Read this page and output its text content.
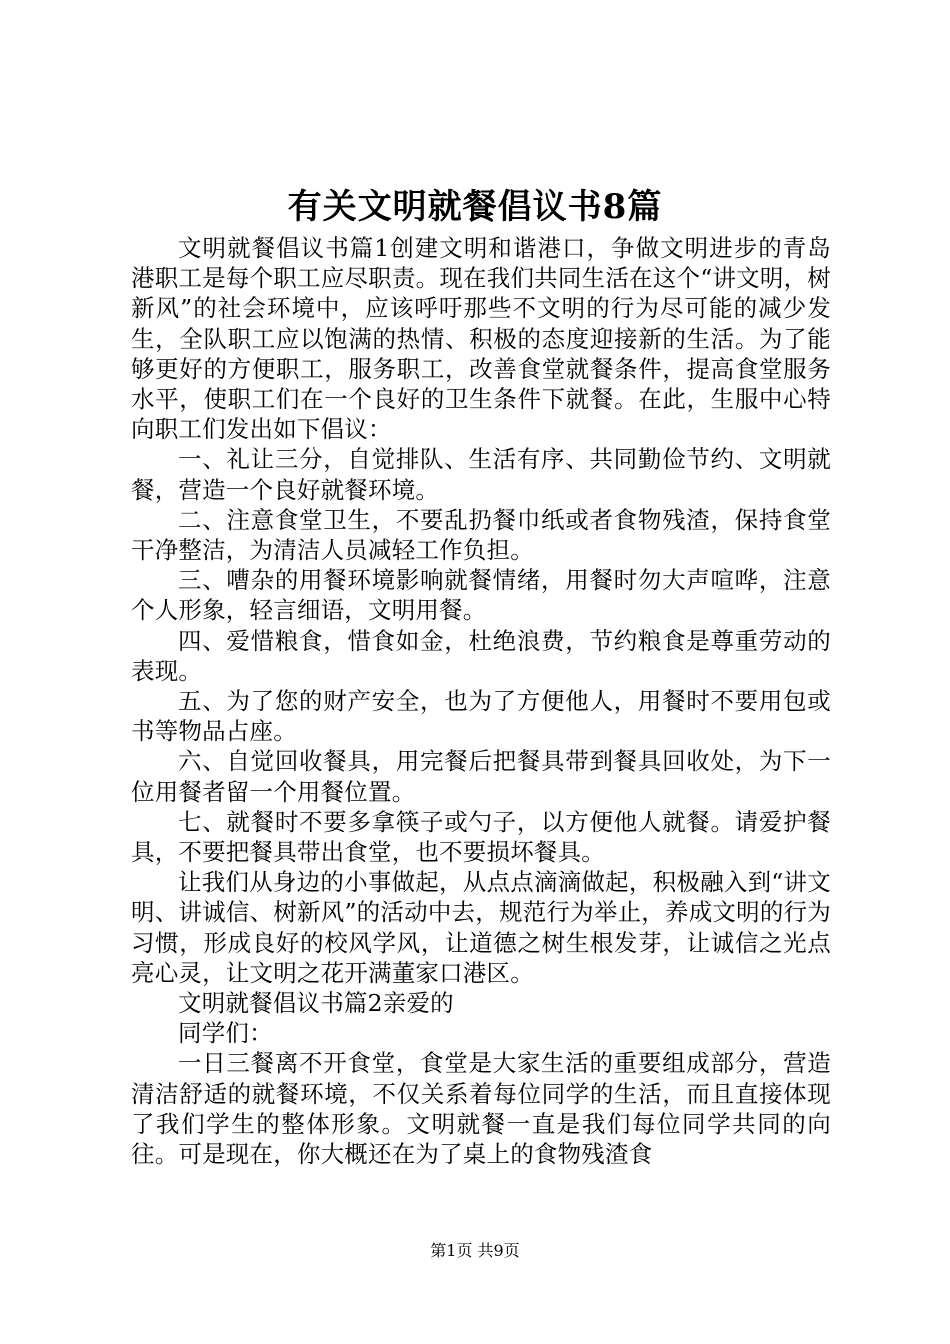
有关文明就餐倡议书8篇

文明就餐倡议书篇1创建文明和谐港口，争做文明进步的青岛港职工是每个职工应尽职责。现在我们共同生活在这个“讲文明，树新风”的社会环境中，应该呼吁那些不文明的行为尽可能的减少发生，全队职工应以饱满的热情、积极的态度迎接新的生活。为了能够更好的方便职工，服务职工，改善食堂就餐条件，提高食堂服务水平，使职工们在一个良好的卫生条件下就餐。在此，生服中心特向职工们发出如下倡议：

一、礼让三分，自觉排队、生活有序、共同勤俭节约、文明就餐，营造一个良好就餐环境。

二、注意食堂卫生，不要乱扔餐巾纸或者食物残渣，保持食堂干净整洁，为清洁人员减轻工作负担。

三、嘈杂的用餐环境影响就餐情绪，用餐时勿大声喧哗，注意个人形象，轻言细语，文明用餐。

四、爱惜粮食，惜食如金，杜绝浪费，节约粮食是尊重劳动的表现。

五、为了您的财产安全，也为了方便他人，用餐时不要用包或书等物品占座。

六、自觉回收餐具，用完餐后把餐具带到餐具回收处，为下一位用餐者留一个用餐位置。

七、就餐时不要多拿筷子或勺子，以方便他人就餐。请爱护餐具，不要把餐具带出食堂，也不要损坏餐具。

让我们从身边的小事做起，从点点滴滴做起，积极融入到“讲文明、讲诚信、树新风”的活动中去，规范行为举止，养成文明的行为习惯，形成良好的校风学风，让道德之树生根发芽，让诚信之光点亮心灵，让文明之花开满董家口港区。

文明就餐倡议书篇2亲爱的

同学们：

一日三餐离不开食堂，食堂是大家生活的重要组成部分，营造清洁舒适的就餐环境，不仅关系着每位同学的生活，而且直接体现了我们学生的整体形象。文明就餐一直是我们每位同学共同的向往。可是现在，你大概还在为了桌上的食物残渣食

第1页 共9页
